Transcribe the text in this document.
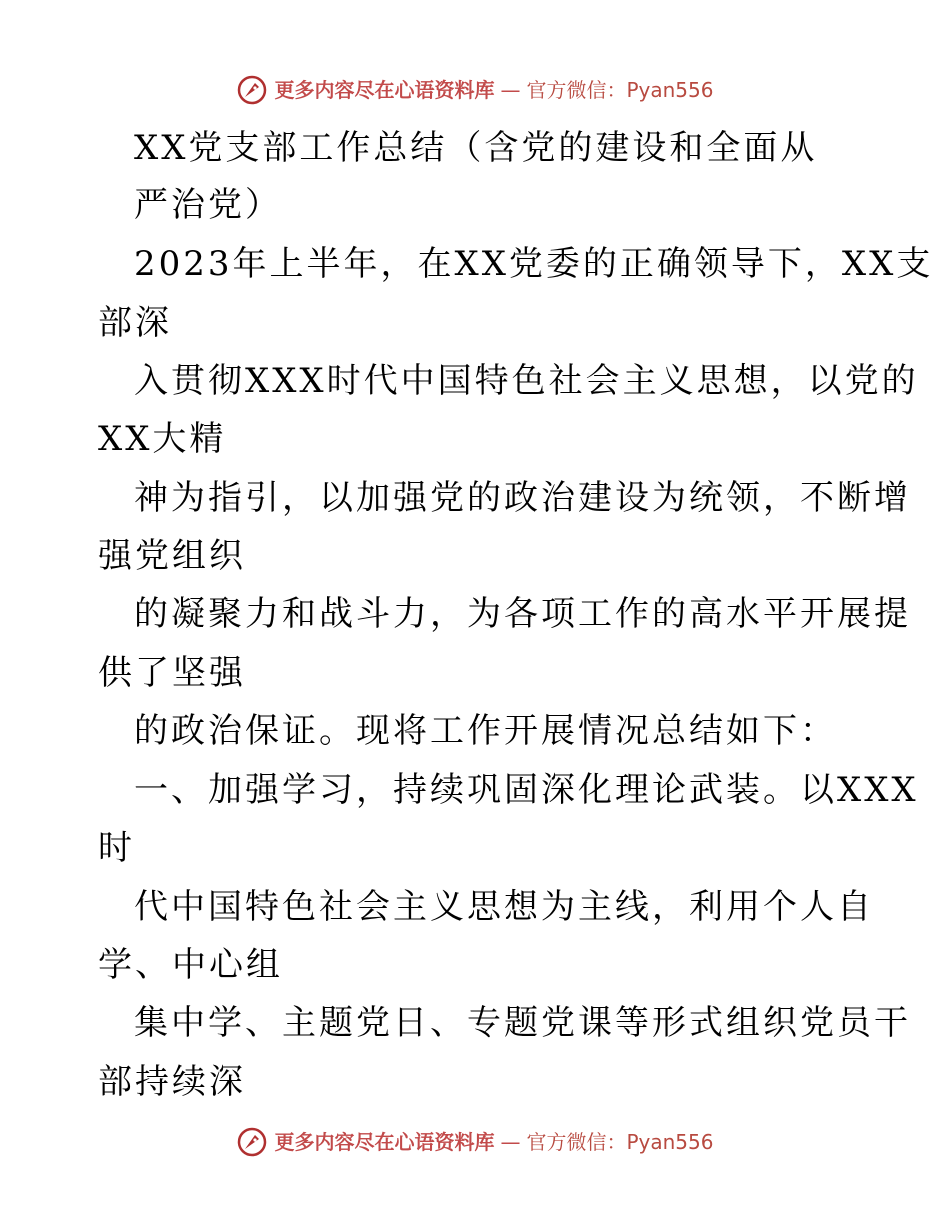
更多内容尽在心语资料库 — 官方微信：Pyan556
XX党支部工作总结（含党的建设和全面从
严治党）
2023年上半年，在XX党委的正确领导下，XX支
部深
入贯彻XXX时代中国特色社会主义思想，以党的
XX大精
神为指引，以加强党的政治建设为统领，不断增
强党组织
的凝聚力和战斗力，为各项工作的高水平开展提
供了坚强
的政治保证。现将工作开展情况总结如下：
一、加强学习，持续巩固深化理论武装。以XXX
时
代中国特色社会主义思想为主线，利用个人自
学、中心组
集中学、主题党日、专题党课等形式组织党员干
部持续深
更多内容尽在心语资料库 — 官方微信：Pyan556
